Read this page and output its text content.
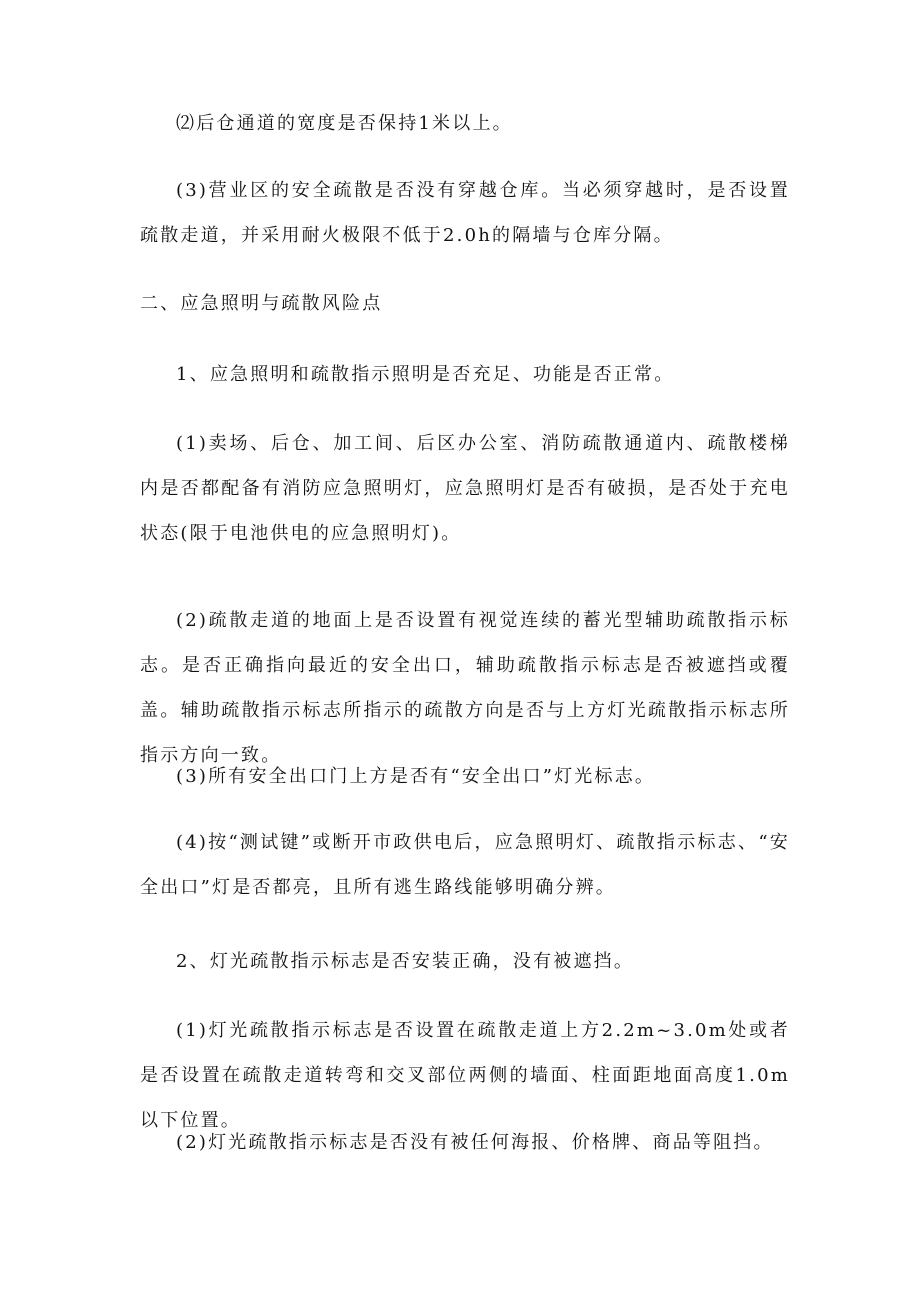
⑵后仓通道的宽度是否保持1米以上。

(3)营业区的安全疏散是否没有穿越仓库。当必须穿越时，是否设置疏散走道，并采用耐火极限不低于2.0h的隔墙与仓库分隔。

二、应急照明与疏散风险点

1、应急照明和疏散指示照明是否充足、功能是否正常。

(1)卖场、后仓、加工间、后区办公室、消防疏散通道内、疏散楼梯内是否都配备有消防应急照明灯，应急照明灯是否有破损，是否处于充电状态(限于电池供电的应急照明灯)。

(2)疏散走道的地面上是否设置有视觉连续的蓄光型辅助疏散指示标志。是否正确指向最近的安全出口，辅助疏散指示标志是否被遮挡或覆盖。辅助疏散指示标志所指示的疏散方向是否与上方灯光疏散指示标志所指示方向一致。

(3)所有安全出口门上方是否有“安全出口”灯光标志。

(4)按“测试键”或断开市政供电后，应急照明灯、疏散指示标志、“安全出口”灯是否都亮，且所有逃生路线能够明确分辨。

2、灯光疏散指示标志是否安装正确，没有被遮挡。

(1)灯光疏散指示标志是否设置在疏散走道上方2.2m~3.0m处或者是否设置在疏散走道转弯和交叉部位两侧的墙面、柱面距地面高度1.0m以下位置。

(2)灯光疏散指示标志是否没有被任何海报、价格牌、商品等阻挡。
